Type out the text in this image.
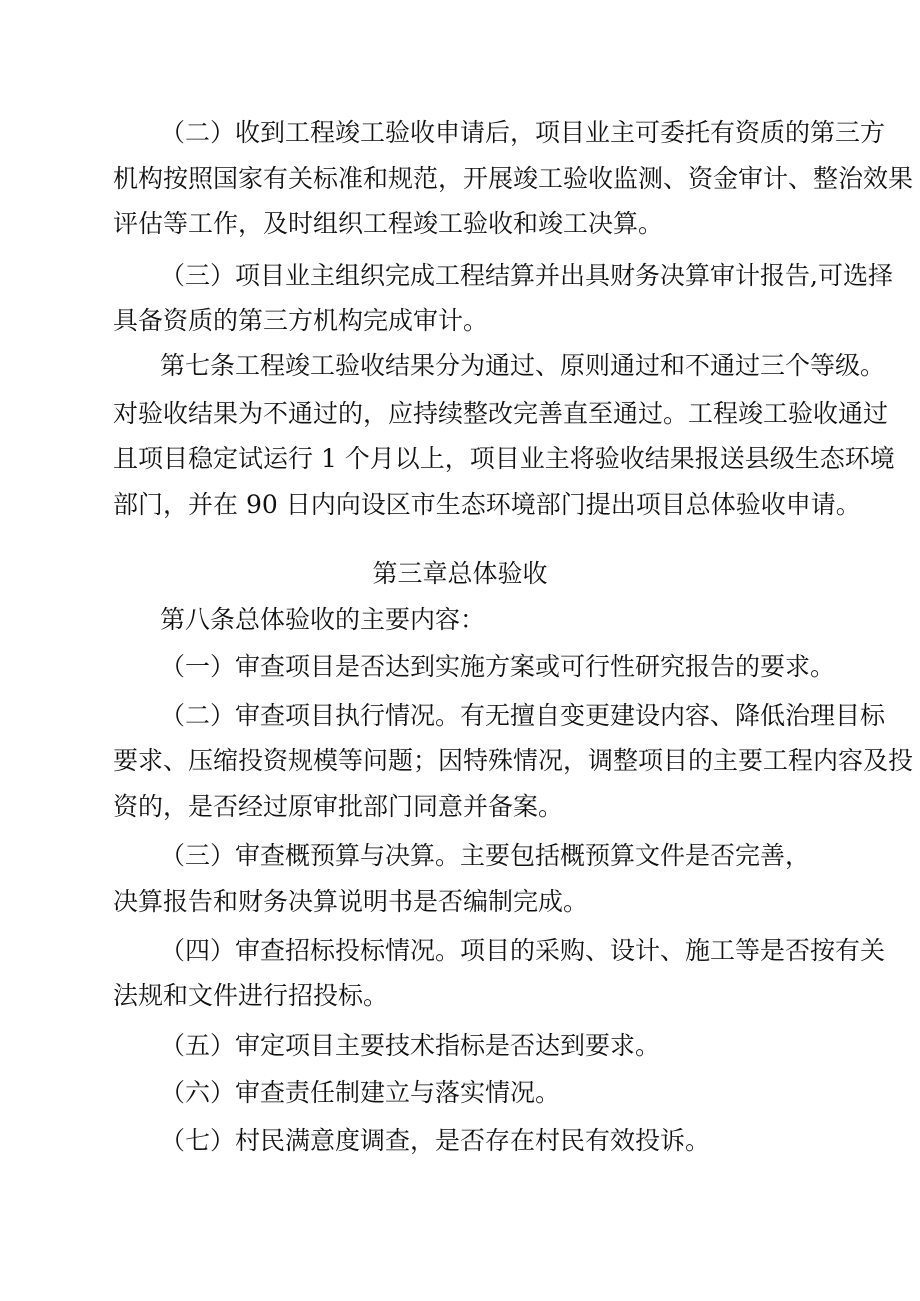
（二）收到工程竣工验收申请后，项目业主可委托有资质的第三方
机构按照国家有关标准和规范，开展竣工验收监测、资金审计、整治效果
评估等工作，及时组织工程竣工验收和竣工决算。
（三）项目业主组织完成工程结算并出具财务决算审计报告,可选择
具备资质的第三方机构完成审计。
第七条工程竣工验收结果分为通过、原则通过和不通过三个等级。
对验收结果为不通过的，应持续整改完善直至通过。工程竣工验收通过
且项目稳定试运行 1 个月以上，项目业主将验收结果报送县级生态环境
部门，并在 90 日内向设区市生态环境部门提出项目总体验收申请。
第三章总体验收
第八条总体验收的主要内容：
（一）审查项目是否达到实施方案或可行性研究报告的要求。
（二）审查项目执行情况。有无擅自变更建设内容、降低治理目标
要求、压缩投资规模等问题；因特殊情况，调整项目的主要工程内容及投
资的，是否经过原审批部门同意并备案。
（三）审查概预算与决算。主要包括概预算文件是否完善，
决算报告和财务决算说明书是否编制完成。
（四）审查招标投标情况。项目的采购、设计、施工等是否按有关
法规和文件进行招投标。
（五）审定项目主要技术指标是否达到要求。
（六）审查责任制建立与落实情况。
（七）村民满意度调查，是否存在村民有效投诉。
